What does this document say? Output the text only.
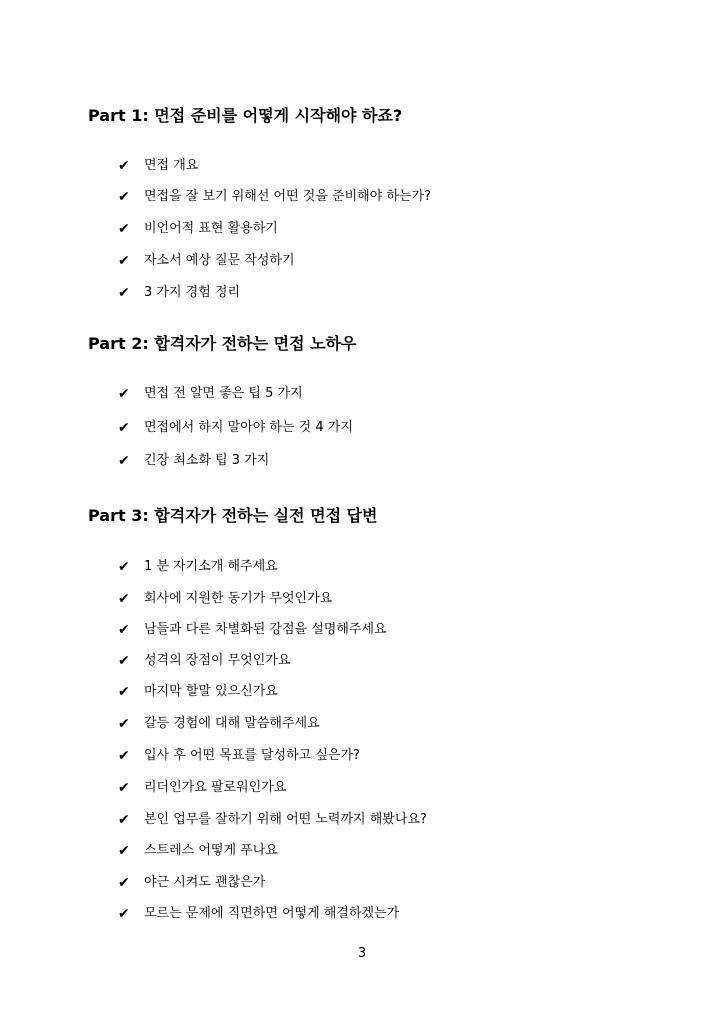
Part 1: 면접 준비를 어떻게 시작해야 하죠?
Part 2: 합격자가 전하는 면접 노하우
Part 3: 합격자가 전하는 실전 면접 답변
✔	면접 개요
✔	면접을 잘 보기 위해선 어떤 것을 준비해야 하는가?
✔	비언어적 표현 활용하기
✔	자소서 예상 질문 작성하기
✔	3 가지 경험 정리
✔	면접 전 알면 좋은 팁 5 가지
✔	면접에서 하지 말아야 하는 것 4 가지
✔	긴장 최소화 팁 3 가지
✔	1 분 자기소개 해주세요
✔	회사에 지원한 동기가 무엇인가요
✔	남들과 다른 차별화된 강점을 설명해주세요
✔	성격의 장점이 무엇인가요
✔	마지막 할말 있으신가요
✔	갈등 경험에 대해 말씀해주세요
✔	입사 후 어떤 목표를 달성하고 싶은가?
✔	리더인가요 팔로워인가요
✔	본인 업무를 잘하기 위해 어떤 노력까지 해봤나요?
✔	스트레스 어떻게 푸나요
✔	야근 시켜도 괜찮은가
✔	모르는 문제에 직면하면 어떻게 해결하겠는가
3
